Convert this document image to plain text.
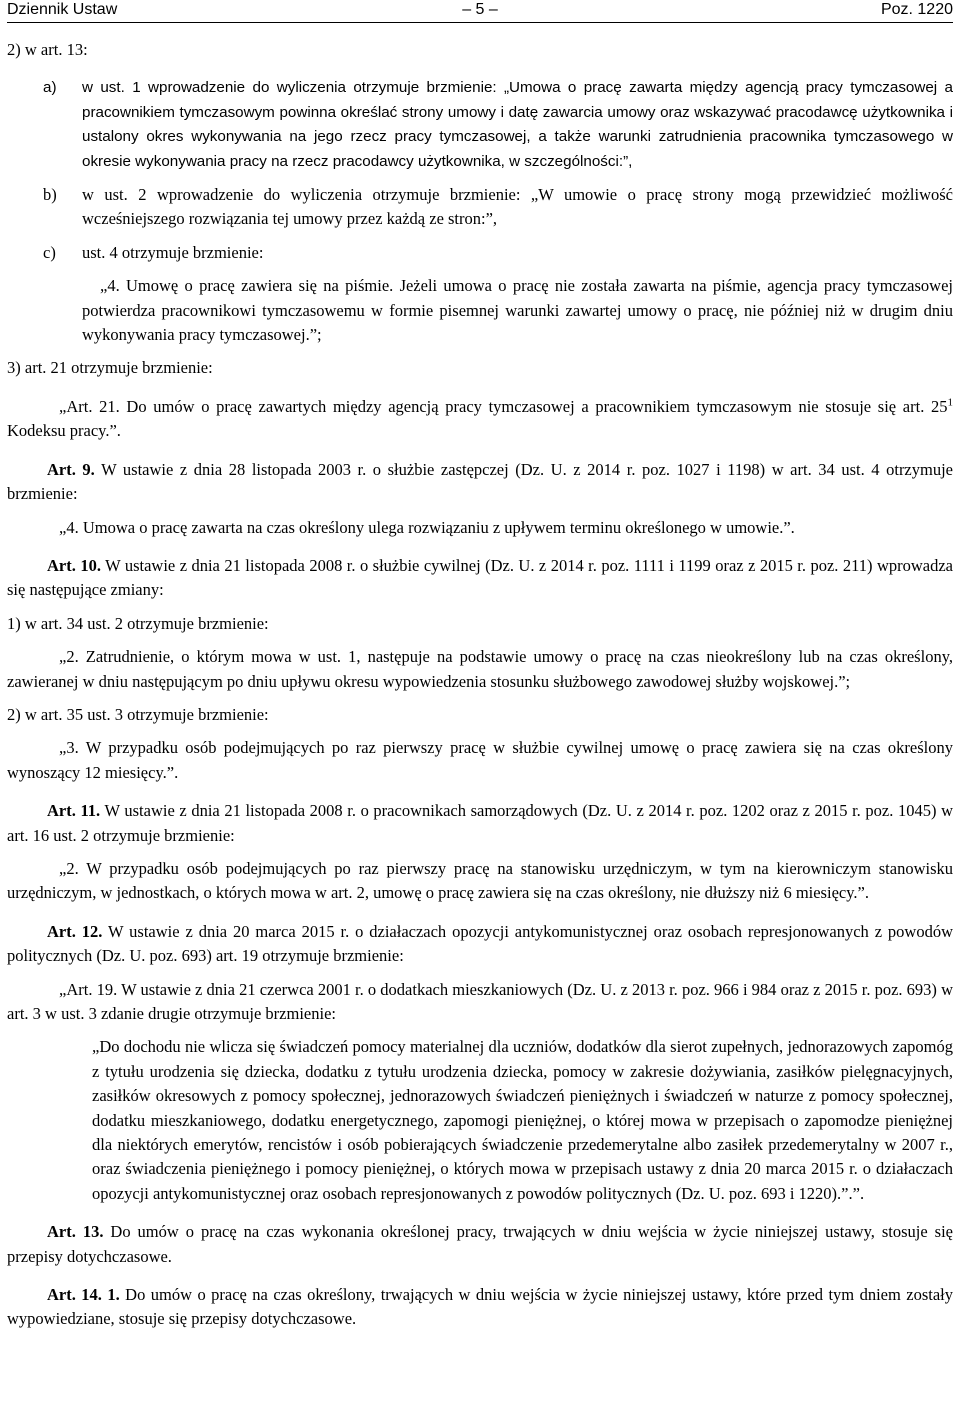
Dziennik Ustaw	– 5 –	Poz. 1220

2) w art. 13:

a) w ust. 1 wprowadzenie do wyliczenia otrzymuje brzmienie: „Umowa o pracę zawarta między agencją pracy tymczasowej a pracownikiem tymczasowym powinna określać strony umowy i datę zawarcia umowy oraz wskazywać pracodawcę użytkownika i ustalony okres wykonywania na jego rzecz pracy tymczasowej, a także warunki zatrudnienia pracownika tymczasowego w okresie wykonywania pracy na rzecz pracodawcy użytkownika, w szczególności:”,
b) w ust. 2 wprowadzenie do wyliczenia otrzymuje brzmienie: „W umowie o pracę strony mogą przewidzieć możliwość wcześniejszego rozwiązania tej umowy przez każdą ze stron:”,
c) ust. 4 otrzymuje brzmienie:

„4. Umowę o pracę zawiera się na piśmie. Jeżeli umowa o pracę nie została zawarta na piśmie, agencja pracy tymczasowej potwierdza pracownikowi tymczasowemu w formie pisemnej warunki zawartej umowy o pracę, nie później niż w drugim dniu wykonywania pracy tymczasowej.”;

3) art. 21 otrzymuje brzmienie:

„Art. 21. Do umów o pracę zawartych między agencją pracy tymczasowej a pracownikiem tymczasowym nie stosuje się art. $25^1$ Kodeksu pracy.”.

Art. 9. W ustawie z dnia 28 listopada 2003 r. o służbie zastępczej (Dz. U. z 2014 r. poz. 1027 i 1198) w art. 34 ust. 4 otrzymuje brzmienie:

„4. Umowa o pracę zawarta na czas określony ulega rozwiązaniu z upływem terminu określonego w umowie.”.

Art. 10. W ustawie z dnia 21 listopada 2008 r. o służbie cywilnej (Dz. U. z 2014 r. poz. 1111 i 1199 oraz z 2015 r. poz. 211) wprowadza się następujące zmiany:

1) w art. 34 ust. 2 otrzymuje brzmienie:

„2. Zatrudnienie, o którym mowa w ust. 1, następuje na podstawie umowy o pracę na czas nieokreślony lub na czas określony, zawieranej w dniu następującym po dniu upływu okresu wypowiedzenia stosunku służbowego zawodowej służby wojskowej.”;

2) w art. 35 ust. 3 otrzymuje brzmienie:

„3. W przypadku osób podejmujących po raz pierwszy pracę w służbie cywilnej umowę o pracę zawiera się na czas określony wynoszący 12 miesięcy.”.

Art. 11. W ustawie z dnia 21 listopada 2008 r. o pracownikach samorządowych (Dz. U. z 2014 r. poz. 1202 oraz z 2015 r. poz. 1045) w art. 16 ust. 2 otrzymuje brzmienie:

„2. W przypadku osób podejmujących po raz pierwszy pracę na stanowisku urzędniczym, w tym na kierowniczym stanowisku urzędniczym, w jednostkach, o których mowa w art. 2, umowę o pracę zawiera się na czas określony, nie dłuższy niż 6 miesięcy.”.

Art. 12. W ustawie z dnia 20 marca 2015 r. o działaczach opozycji antykomunistycznej oraz osobach represjonowanych z powodów politycznych (Dz. U. poz. 693) art. 19 otrzymuje brzmienie:

„Art. 19. W ustawie z dnia 21 czerwca 2001 r. o dodatkach mieszkaniowych (Dz. U. z 2013 r. poz. 966 i 984 oraz z 2015 r. poz. 693) w art. 3 w ust. 3 zdanie drugie otrzymuje brzmienie:

„Do dochodu nie wlicza się świadczeń pomocy materialnej dla uczniów, dodatków dla sierot zupełnych, jednorazowych zapomóg z tytułu urodzenia się dziecka, dodatku z tytułu urodzenia dziecka, pomocy w zakresie dożywiania, zasiłków pielęgnacyjnych, zasiłków okresowych z pomocy społecznej, jednorazowych świadczeń pieniężnych i świadczeń w naturze z pomocy społecznej, dodatku mieszkaniowego, dodatku energetycznego, zapomogi pieniężnej, o której mowa w przepisach o zapomodze pieniężnej dla niektórych emerytów, rencistów i osób pobierających świadczenie przedemerytalne albo zasiłek przedemerytalny w 2007 r., oraz świadczenia pieniężnego i pomocy pieniężnej, o których mowa w przepisach ustawy z dnia 20 marca 2015 r. o działaczach opozycji antykomunistycznej oraz osobach represjonowanych z powodów politycznych (Dz. U. poz. 693 i 1220).”.”.

Art. 13. Do umów o pracę na czas wykonania określonej pracy, trwających w dniu wejścia w życie niniejszej ustawy, stosuje się przepisy dotychczasowe.

Art. 14. 1. Do umów o pracę na czas określony, trwających w dniu wejścia w życie niniejszej ustawy, które przed tym dniem zostały wypowiedziane, stosuje się przepisy dotychczasowe.
